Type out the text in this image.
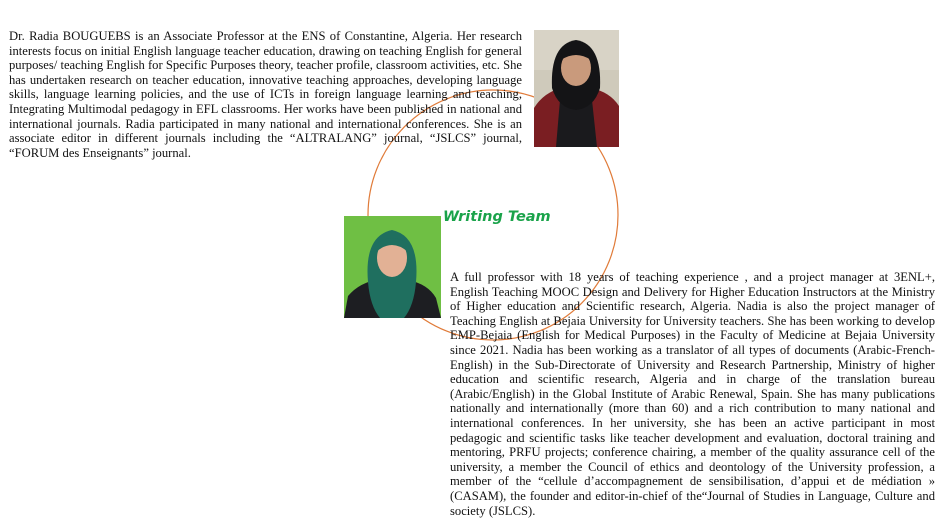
Dr. Radia BOUGUEBS is an Associate Professor at the ENS of Constantine, Algeria. Her research interests focus on initial English language teacher education, drawing on teaching English for general purposes/ teaching English for Specific Purposes theory, teacher profile, classroom activities, etc. She has undertaken research on teacher education, innovative teaching approaches, developing language skills, language learning policies, and the use of ICTs in foreign language learning and teaching, Integrating Multimodal pedagogy in EFL classrooms. Her works have been published in national and international journals. Radia participated in many national and international conferences. She is an associate editor in different journals including the “ALTRALANG” journal, “JSLCS” journal, “FORUM des Enseignants” journal.

Writing Team

A full professor with 18 years of teaching experience , and a project manager at 3ENL+, English Teaching MOOC Design and Delivery for Higher Education Instructors at the Ministry of Higher education and Scientific research, Algeria. Nadia is also the project manager of Teaching English at Bejaia University for University teachers. She has been working to develop EMP-Bejaia (English for Medical Purposes) in the Faculty of Medicine at Bejaia University since 2021. Nadia has been working as a translator of all types of documents (Arabic-French-English) in the Sub-Directorate of University and Research Partnership, Ministry of higher education and scientific research, Algeria and in charge of the translation bureau (Arabic/English) in the Global Institute of Arabic Renewal, Spain. She has many publications nationally and internationally (more than 60) and a rich contribution to many national and international conferences. In her university, she has been an active participant in most pedagogic and scientific tasks like teacher development and evaluation, doctoral training and mentoring, PRFU projects; conference chairing, a member of the quality assurance cell of the university, a member the Council of ethics and deontology of the University profession, a member of the “cellule d’accompagnement de sensibilisation, d’appui et de médiation » (CASAM), the founder and editor-in-chief of the“Journal of Studies in Language, Culture and society (JSLCS).
